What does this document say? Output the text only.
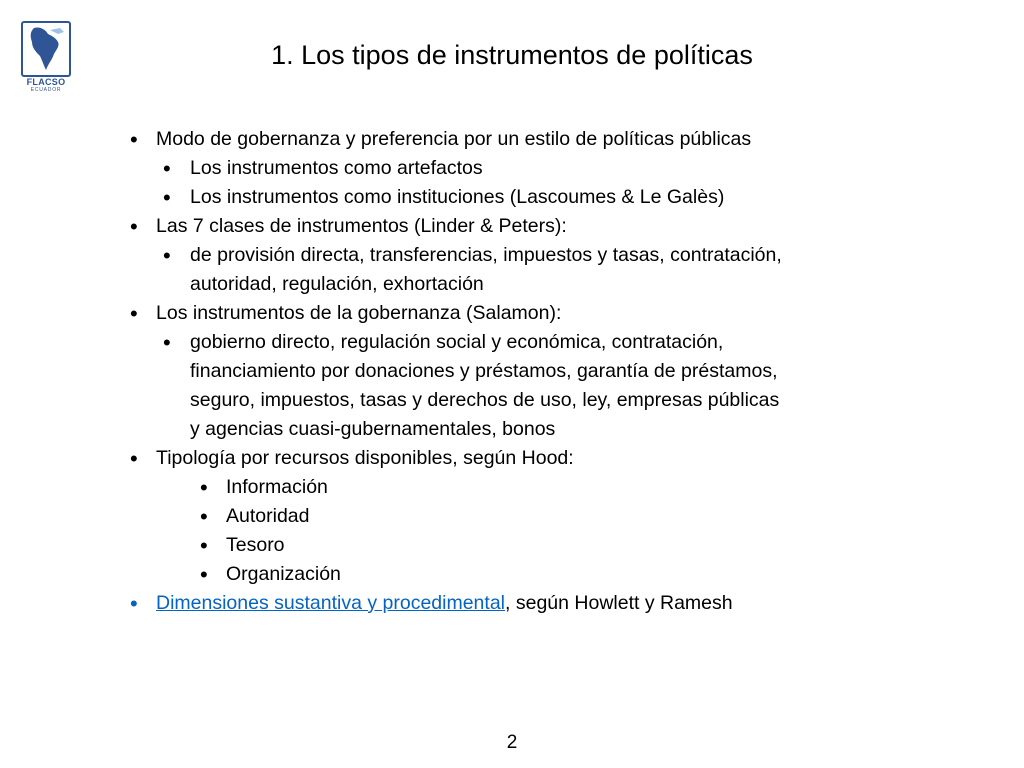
FLACSO
ECUADOR
1. Los tipos de instrumentos de políticas
• Modo de gobernanza y preferencia por un estilo de políticas públicas
• Los instrumentos como artefactos
• Los instrumentos como instituciones (Lascoumes & Le Galès)
• Las 7 clases de instrumentos (Linder & Peters):
• de provisión directa, transferencias, impuestos y tasas, contratación,
autoridad, regulación, exhortación
• Los instrumentos de la gobernanza (Salamon):
• gobierno directo, regulación social y económica, contratación,
financiamiento por donaciones y préstamos, garantía de préstamos,
seguro, impuestos, tasas y derechos de uso, ley, empresas públicas
y agencias cuasi-gubernamentales, bonos
• Tipología por recursos disponibles, según Hood:
• Información
• Autoridad
• Tesoro
• Organización
• Dimensiones sustantiva y procedimental, según Howlett y Ramesh
2
